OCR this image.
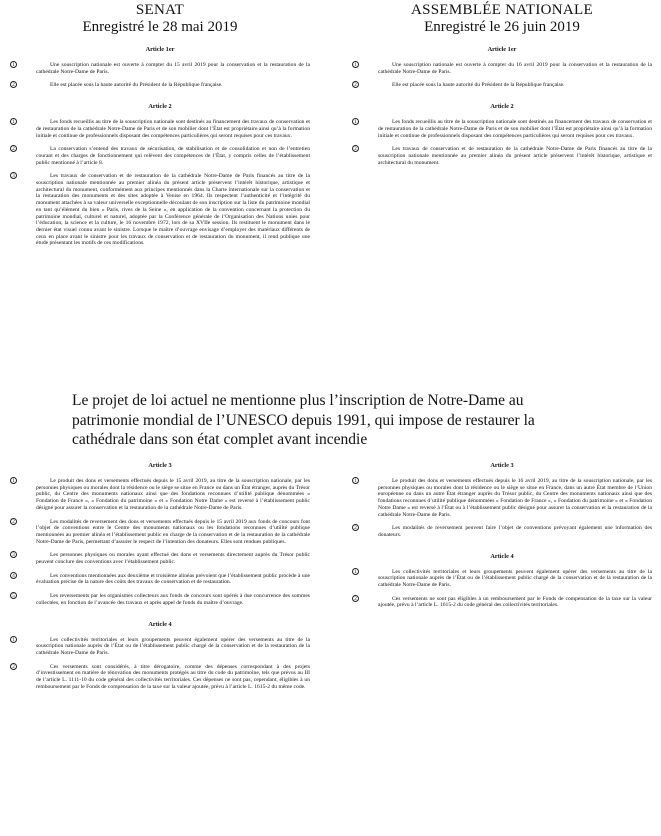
SENAT
Enregistré le 28 mai 2019
ASSEMBLÉE NATIONALE
Enregistré le 26 juin 2019
Article 1er
1	Une souscription nationale est ouverte à compter du 15 avril 2019 pour la conservation et la restauration de la cathédrale Notre-Dame de Paris.
2	Elle est placée sous la haute autorité du Président de la République française.
Article 2
1	Les fonds recueillis au titre de la souscription nationale sont destinés au financement des travaux de conservation et de restauration de la cathédrale Notre-Dame de Paris et de son mobilier dont l’État est propriétaire ainsi qu’à la formation initiale et continue de professionnels disposant des compétences particulières qui seront requises pour ces travaux.
2	La conservation s’entend des travaux de sécurisation, de stabilisation et de consolidation et non de l’entretien courant et des charges de fonctionnement qui relèvent des compétences de l’État, y compris celles de l’établissement public mentionné à l’article 8.
3	Les travaux de conservation et de restauration de la cathédrale Notre-Dame de Paris financés au titre de la souscription nationale mentionnée au premier alinéa du présent article préservent l’intérêt historique, artistique et architectural du monument, conformément aux principes mentionnés dans la Charte internationale sur la conservation et la restauration des monuments et des sites adoptée à Venise en 1964. Ils respectent l’authenticité et l’intégrité du monument attachées à sa valeur universelle exceptionnelle découlant de son inscription sur la liste du patrimoine mondial en tant qu’élément du bien « Paris, rives de la Seine », en application de la convention concernant la protection du patrimoine mondial, culturel et naturel, adoptée par la Conférence générale de l’Organisation des Nations unies pour l’éducation, la science et la culture, le 16 novembre 1972, lors de sa XVIIe session. Ils restituent le monument dans le dernier état visuel connu avant le sinistre. Lorsque le maître d’ouvrage envisage d’employer des matériaux différents de ceux en place avant le sinistre pour les travaux de conservation et de restauration du monument, il rend publique une étude présentant les motifs de ces modifications.
Article 1er
1	Une souscription nationale est ouverte à compter du 16 avril 2019 pour la conservation et la restauration de la cathédrale Notre-Dame de Paris.
2	Elle est placée sous la haute autorité du Président de la République française.
Article 2
1	Les fonds recueillis au titre de la souscription nationale sont destinés au financement des travaux de conservation et de restauration de la cathédrale Notre-Dame de Paris et de son mobilier dont l’État est propriétaire ainsi qu’à la formation initiale et continue de professionnels disposant des compétences particulières qui seront requises pour ces travaux.
2	Les travaux de conservation et de restauration de la cathédrale Notre-Dame de Paris financés au titre de la souscription nationale mentionnée au premier alinéa du présent article préservent l’intérêt historique, artistique et architectural du monument.
Le projet de loi actuel ne mentionne plus l’inscription de Notre-Dame au patrimonie mondial de l’UNESCO depuis 1991, qui impose de restaurer la cathédrale dans son état complet avant incendie
Article 3
1	Le produit des dons et versements effectués depuis le 15 avril 2019, au titre de la souscription nationale, par les personnes physiques ou morales dont la résidence ou le siège se situe en France ou dans un État étranger, auprès du Trésor public, du Centre des monuments nationaux ainsi que des fondations reconnues d’utilité publique dénommées « Fondation de France », « Fondation du patrimoine » et « Fondation Notre Dame » est reversé à l’établissement public désigné pour assurer la conservation et la restauration de la cathédrale Notre-Dame de Paris.
2	Les modalités de reversement des dons et versements effectués depuis le 15 avril 2019 aux fonds de concours font l’objet de conventions entre le Centre des monuments nationaux ou les fondations reconnues d’utilité publique mentionnées au premier alinéa et l’établissement public en charge de la conservation et de la restauration de la cathédrale Notre-Dame de Paris, permettant d’assurer le respect de l’intention des donateurs. Elles sont rendues publiques.
3	Les personnes physiques ou morales ayant effectué des dons et versements directement auprès du Trésor public peuvent conclure des conventions avec l’établissement public.
4	Les conventions mentionnées aux deuxième et troisième alinéas prévoient que l’établissement public procède à une évaluation précise de la nature des coûts des travaux de conservation et de restauration.
5	Les reversements par les organismes collecteurs aux fonds de concours sont opérés à due concurrence des sommes collectées, en fonction de l’avancée des travaux et après appel de fonds du maître d’ouvrage.
Article 4
1	Les collectivités territoriales et leurs groupements peuvent également opérer des versements au titre de la souscription nationale auprès de l’État ou de l’établissement public chargé de la conservation et de la restauration de la cathédrale Notre-Dame de Paris.
2	Ces versements sont considérés, à titre dérogatoire, comme des dépenses correspondant à des projets d’investissement en matière de rénovation des monuments protégés au titre du code du patrimoine, tels que prévus au III de l’article L. 1111-10 du code général des collectivités territoriales. Ces dépenses ne sont pas, cependant, éligibles à un remboursement par le Fonds de compensation de la taxe sur la valeur ajoutée, prévu à l’article L. 1615-2 du même code.
Article 3
1	Le produit des dons et versements effectués depuis le 16 avril 2019, au titre de la souscription nationale, par les personnes physiques ou morales dont la résidence ou le siège se situe en France, dans un autre État membre de l’Union européenne ou dans un autre État étranger auprès du Trésor public, du Centre des monuments nationaux ainsi que des fondations reconnues d’utilité publique dénommées « Fondation de France », « Fondation du patrimoine » et « Fondation Notre Dame » est reversé à l’État ou à l’établissement public désigné pour assurer la conservation et la restauration de la cathédrale Notre-Dame de Paris.
2	Les modalités de reversement peuvent faire l’objet de conventions prévoyant également une information des donateurs.
Article 4
1	Les collectivités territoriales et leurs groupements peuvent également opérer des versements au titre de la souscription nationale auprès de l’État ou de l’établissement public chargé de la conservation et de la restauration de la cathédrale Notre-Dame de Paris.
2	Ces versements ne sont pas éligibles à un remboursement par le Fonds de compensation de la taxe sur la valeur ajoutée, prévu à l’article L. 1615-2 du code général des collectivités territoriales.
